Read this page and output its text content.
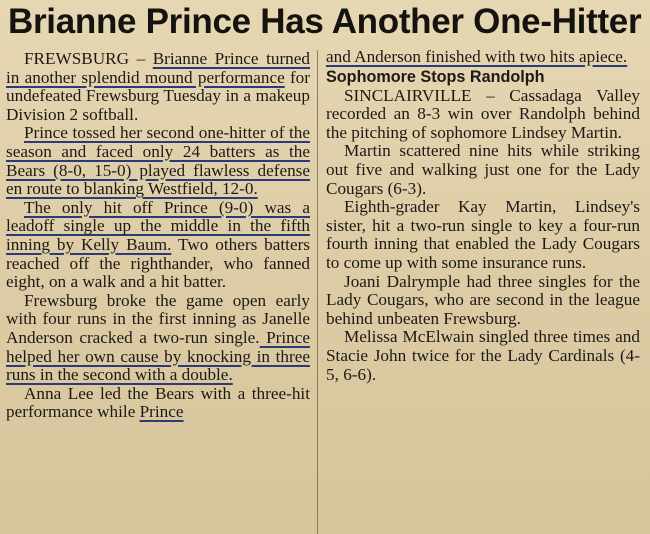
Brianne Prince Has Another One-Hitter

FREWSBURG – Brianne Prince turned in another splendid mound performance for undefeated Frewsburg Tuesday in a makeup Division 2 softball.

Prince tossed her second one-hitter of the season and faced only 24 batters as the Bears (8-0, 15-0) played flawless defense en route to blanking Westfield, 12-0.

The only hit off Prince (9-0) was a leadoff single up the middle in the fifth inning by Kelly Baum. Two others batters reached off the righthander, who fanned eight, on a walk and a hit batter.

Frewsburg broke the game open early with four runs in the first inning as Janelle Anderson cracked a two-run single. Prince helped her own cause by knocking in three runs in the second with a double.

Anna Lee led the Bears with a three-hit performance while Prince

and Anderson finished with two hits apiece.

Sophomore Stops Randolph

SINCLAIRVILLE – Cassadaga Valley recorded an 8-3 win over Randolph behind the pitching of sophomore Lindsey Martin.

Martin scattered nine hits while striking out five and walking just one for the Lady Cougars (6-3).

Eighth-grader Kay Martin, Lindsey's sister, hit a two-run single to key a four-run fourth inning that enabled the Lady Cougars to come up with some insurance runs.

Joani Dalrymple had three singles for the Lady Cougars, who are second in the league behind unbeaten Frewsburg.

Melissa McElwain singled three times and Stacie John twice for the Lady Cardinals (4-5, 6-6).
